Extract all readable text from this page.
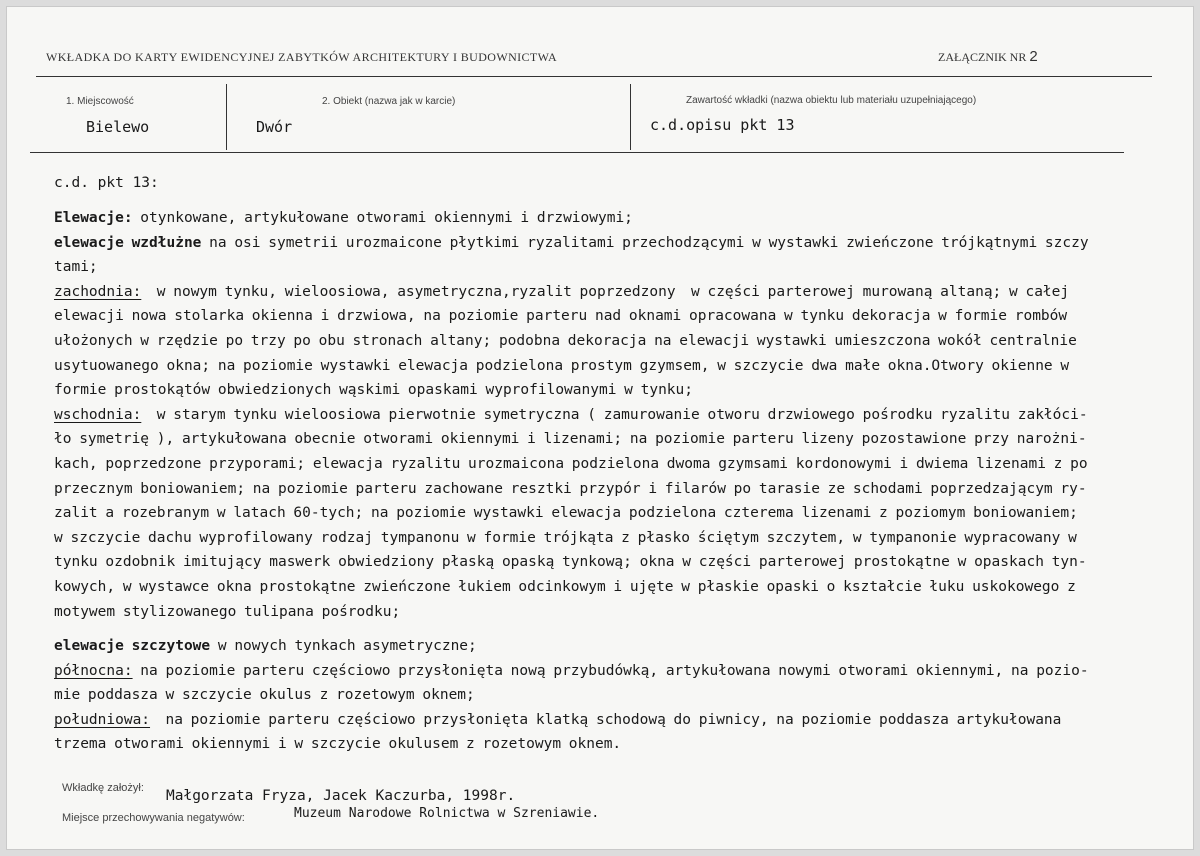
WKŁADKA DO KARTY EWIDENCYJNEJ ZABYTKÓW ARCHITEKTURY I BUDOWNICTWA	ZAŁĄCZNIK NR 2
1. Miejscowość
Bielewo
2. Obiekt (nazwa jak w karcie)
Dwór
Zawartość wkładki (nazwa obiektu lub materiału uzupełniającego)
c.d.opisu pkt 13
c.d. pkt 13:
Elewacje: otynkowane, artykułowane otworami okiennymi i drzwiowymi;
elewacje wzdłużne na osi symetrii urozmaicone płytkimi ryzalitami przechodzącymi w wystawki zwieńczone trójkątnymi szczy
tami;
zachodnia:  w nowym tynku, wieloosiowa, asymetryczna,ryzalit poprzedzony  w części parterowej murowaną altaną; w całej
elewacji nowa stolarka okienna i drzwiowa, na poziomie parteru nad oknami opracowana w tynku dekoracja w formie rombów
ułożonych w rzędzie po trzy po obu stronach altany; podobna dekoracja na elewacji wystawki umieszczona wokół centralnie
usytuowanego okna; na poziomie wystawki elewacja podzielona prostym gzymsem, w szczycie dwa małe okna.Otwory okienne w
formie prostokątów obwiedzionych wąskimi opaskami wyprofilowanymi w tynku;
wschodnia:  w starym tynku wieloosiowa pierwotnie symetryczna ( zamurowanie otworu drzwiowego pośrodku ryzalitu zakłóci-
ło symetrię ), artykułowana obecnie otworami okiennymi i lizenami; na poziomie parteru lizeny pozostawione przy narożni-
kach, poprzedzone przyporami; elewacja ryzalitu urozmaicona podzielona dwoma gzymsami kordonowymi i dwiema lizenami z po
przecznym boniowaniem; na poziomie parteru zachowane resztki przypór i filarów po tarasie ze schodami poprzedzającym ry-
zalit a rozebranym w latach 60-tych; na poziomie wystawki elewacja podzielona czterema lizenami z poziomym boniowaniem;
w szczycie dachu wyprofilowany rodzaj tympanonu w formie trójkąta z płasko ściętym szczytem, w tympanonie wypracowany w
tynku ozdobnik imitujący maswerk obwiedziony płaską opaską tynkową; okna w części parterowej prostokątne w opaskach tyn-
kowych, w wystawce okna prostokątne zwieńczone łukiem odcinkowym i ujęte w płaskie opaski o kształcie łuku uskokowego z
motywem stylizowanego tulipana pośrodku;
elewacje szczytowe w nowych tynkach asymetryczne;
północna: na poziomie parteru częściowo przysłonięta nową przybudówką, artykułowana nowymi otworami okiennymi, na pozio-
mie poddasza w szczycie okulus z rozetowym oknem;
południowa:  na poziomie parteru częściowo przysłonięta klatką schodową do piwnicy, na poziomie poddasza artykułowana
trzema otworami okiennymi i w szczycie okulusem z rozetowym oknem.
Wkładkę założył: Małgorzata Fryza, Jacek Kaczurba, 1998r.
Miejsce przechowywania negatywów:	Muzeum Narodowe Rolnictwa w Szreniawie.
